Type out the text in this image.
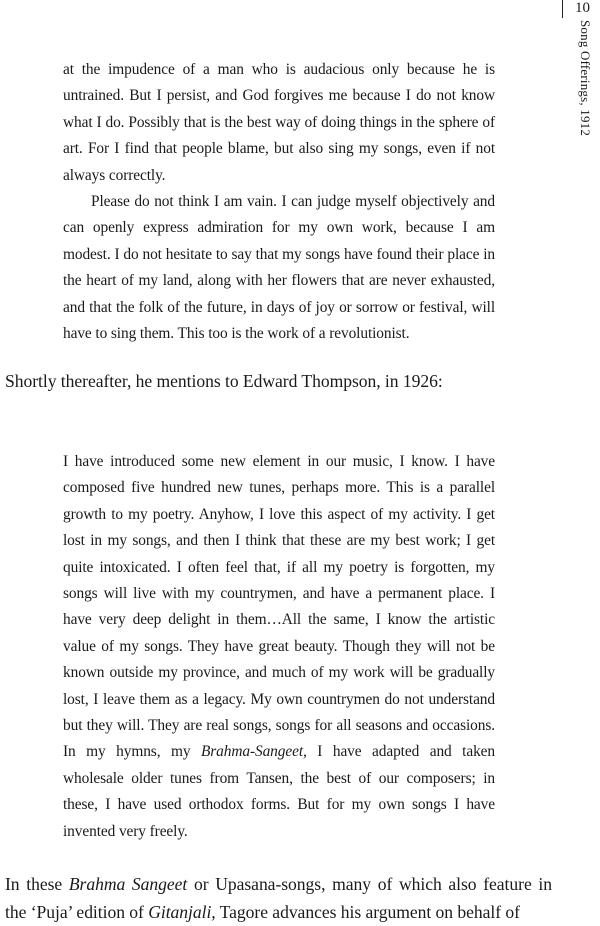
10
Song Offerings, 1912

at the impudence of a man who is audacious only because he is untrained. But I persist, and God forgives me because I do not know what I do. Possibly that is the best way of doing things in the sphere of art. For I find that people blame, but also sing my songs, even if not always correctly.

Please do not think I am vain. I can judge myself objectively and can openly express admiration for my own work, because I am modest. I do not hesitate to say that my songs have found their place in the heart of my land, along with her flowers that are never exhausted, and that the folk of the future, in days of joy or sorrow or festival, will have to sing them. This too is the work of a revolutionist.

Shortly thereafter, he mentions to Edward Thompson, in 1926:

I have introduced some new element in our music, I know. I have composed five hundred new tunes, perhaps more. This is a parallel growth to my poetry. Anyhow, I love this aspect of my activity. I get lost in my songs, and then I think that these are my best work; I get quite intoxicated. I often feel that, if all my poetry is forgotten, my songs will live with my countrymen, and have a permanent place. I have very deep delight in them…All the same, I know the artistic value of my songs. They have great beauty. Though they will not be known outside my province, and much of my work will be gradually lost, I leave them as a legacy. My own countrymen do not understand but they will. They are real songs, songs for all seasons and occasions. In my hymns, my Brahma-Sangeet, I have adapted and taken wholesale older tunes from Tansen, the best of our composers; in these, I have used orthodox forms. But for my own songs I have invented very freely.

In these Brahma Sangeet or Upasana-songs, many of which also feature in

the ‘Puja’ edition of Gitanjali, Tagore advances his argument on behalf of
